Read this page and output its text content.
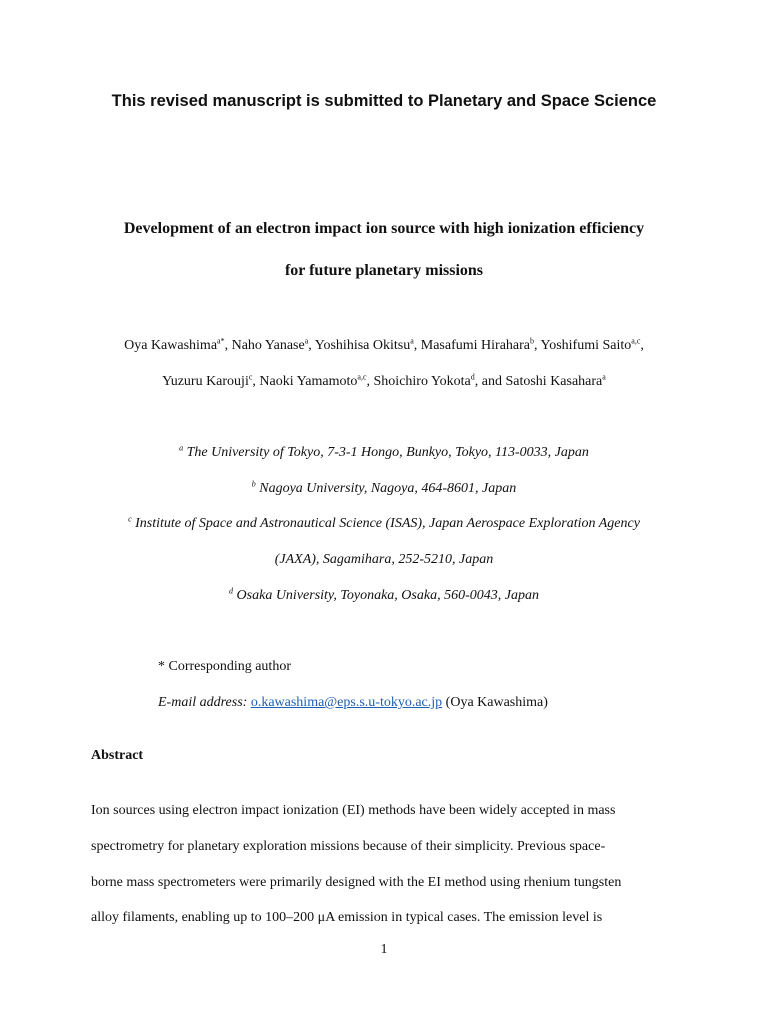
This revised manuscript is submitted to Planetary and Space Science
Development of an electron impact ion source with high ionization efficiency
for future planetary missions
Oya Kawashima$^{a*}$, Naho Yanase$^a$, Yoshihisa Okitsu$^a$, Masafumi Hirahara$^b$, Yoshifumi Saito$^{a,c}$,
Yuzuru Karouji$^c$, Naoki Yamamoto$^{a,c}$, Shoichiro Yokota$^d$, and Satoshi Kasahara$^a$
$^a$ The University of Tokyo, 7-3-1 Hongo, Bunkyo, Tokyo, 113-0033, Japan
$^b$ Nagoya University, Nagoya, 464-8601, Japan
$^c$ Institute of Space and Astronautical Science (ISAS), Japan Aerospace Exploration Agency
(JAXA), Sagamihara, 252-5210, Japan
$^d$ Osaka University, Toyonaka, Osaka, 560-0043, Japan
* Corresponding author
E-mail address: o.kawashima@eps.s.u-tokyo.ac.jp (Oya Kawashima)
Abstract
Ion sources using electron impact ionization (EI) methods have been widely accepted in mass
spectrometry for planetary exploration missions because of their simplicity. Previous space-
borne mass spectrometers were primarily designed with the EI method using rhenium tungsten
alloy filaments, enabling up to 100–200 μA emission in typical cases. The emission level is
1
